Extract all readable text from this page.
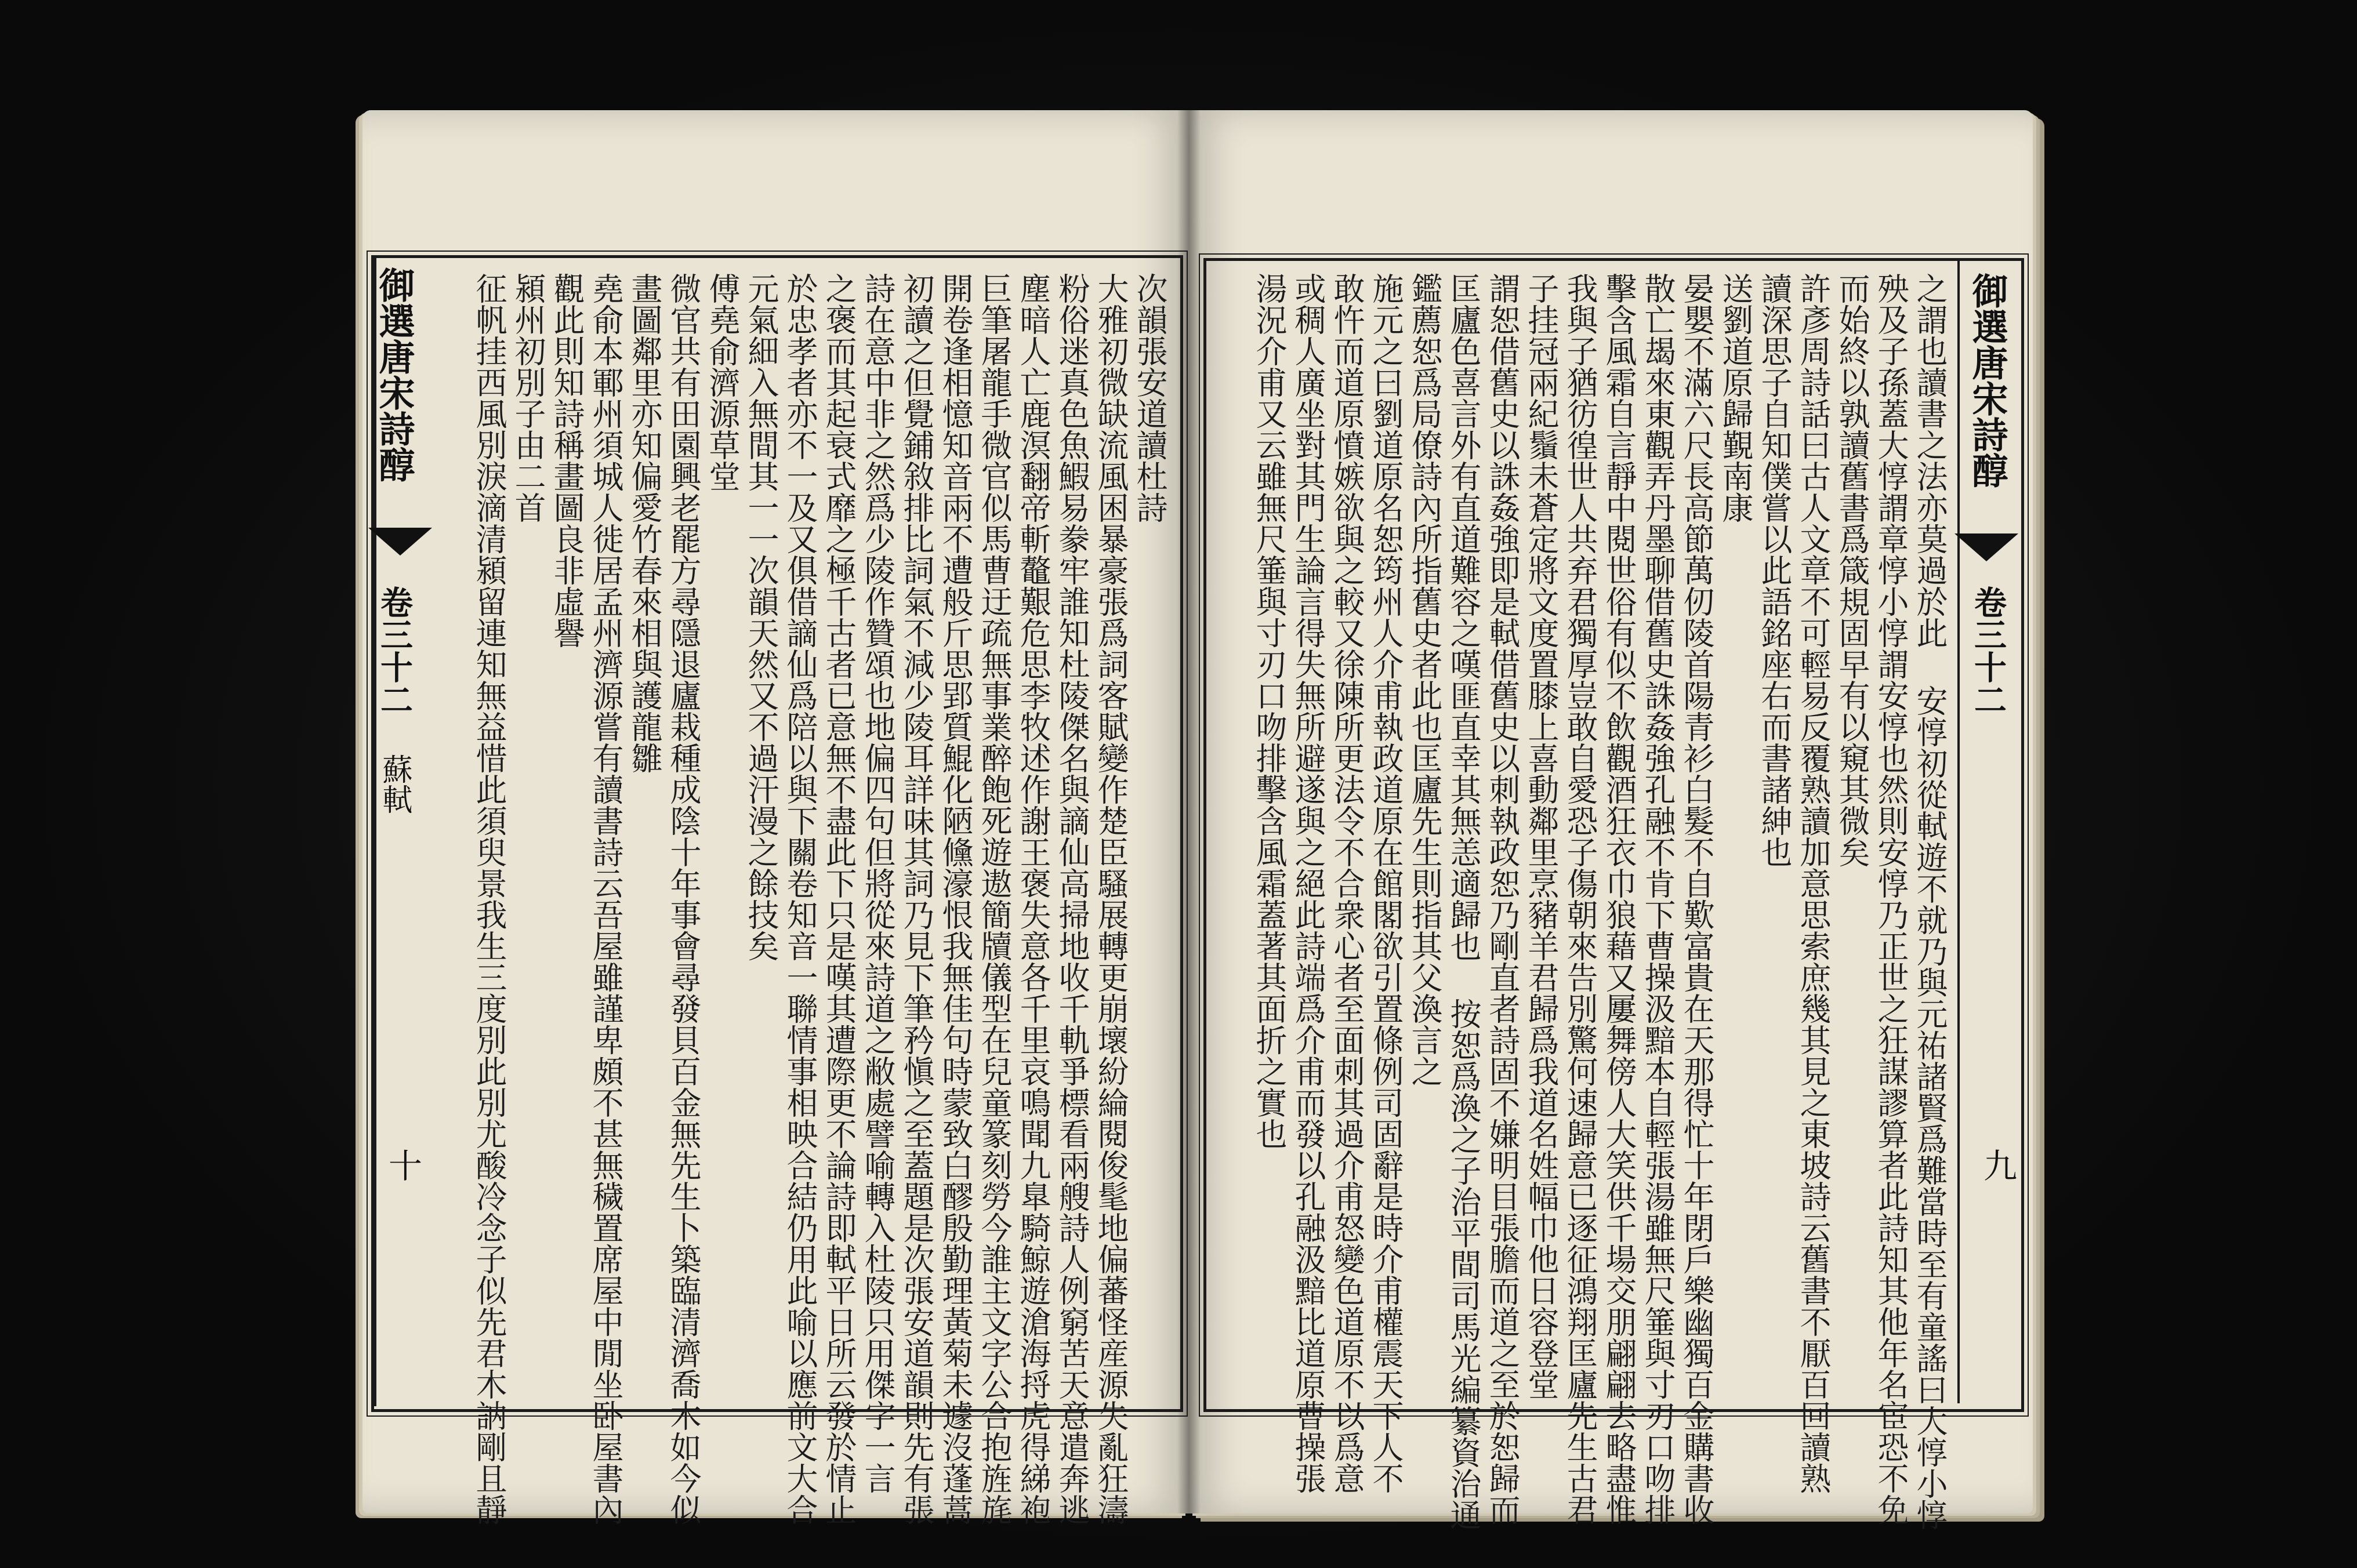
御選唐宋詩醇
卷三十二
蘇軾
十
次韻張安道讀杜詩
大雅初微缺流風困暴豪張爲詞客賦變作楚臣騷展轉更崩壞紛綸閱俊髦地偏蕃怪産源失亂狂濤
粉俗迷真色魚鰕易豢牢誰知杜陵傑名與謫仙高掃地收千軌爭標看兩艘詩人例窮苦天意遣奔逃
塵暗人亡鹿溟翻帝斬鼇艱危思李牧述作謝王褒失意各千里哀鳴聞九臯騎鯨遊滄海捋虎得綈袍
巨筆屠龍手微官似馬曹迂疏無事業醉飽死遊遨簡牘儀型在兒童篆刻勞今誰主文字公合抱旌旄
開卷逢相憶知音兩不遭般斤思郢質鯤化陋儵濠恨我無佳句時蒙致白醪殷勤理黃菊未遽沒蓬蒿
初讀之但覺鋪敘排比詞氣不減少陵耳詳味其詞乃見下筆矜愼之至蓋題是次張安道韻則先有張
詩在意中非之然爲少陵作贊頌也地偏四句但將從來詩道之敝處譬喻轉入杜陵只用傑字一言
之褒而其起衰式靡之極千古者已意無不盡此下只是嘆其遭際更不論詩即軾平日所云發於情止
於忠孝者亦不一及又俱借謫仙爲陪以與下關卷知音一聯情事相映合結仍用此喻以應前文大合
元氣細入無間其一一次韻天然又不過汗漫之餘技矣
傅堯俞濟源草堂
微官共有田園興老罷方尋隱退廬栽種成陰十年事會尋發貝百金無先生卜築臨清濟喬木如今似
畫圖鄰里亦知偏愛竹春來相與護龍雛
堯俞本鄆州須城人徙居孟州濟源嘗有讀書詩云吾屋雖謹卑頗不甚無穢置席屋中閒坐卧屋書內
觀此則知詩稱畫圖良非虛譽
潁州初別子由二首
征帆挂西風別淚滴清潁留連知無益惜此須臾景我生三度別此別尤酸冷念子似先君木訥剛且靜	御選唐宋詩醇
卷三十二
九
之謂也讀書之法亦莫過於此 安惇初從軾遊不就乃與元祐諸賢爲難當時至有童謠曰大惇小惇
殃及子孫蓋大惇謂章惇小惇謂安惇也然則安惇乃正世之狂謀謬算者此詩知其他年名宦恐不免
而始終以孰讀舊書爲箴規固早有以窺其微矣
許彥周詩話曰古人文章不可輕易反覆熟讀加意思索庶幾其見之東坡詩云舊書不厭百回讀熟
讀深思子自知僕嘗以此語銘座右而書諸紳也
送劉道原歸覲南康
晏嬰不滿六尺長高節萬仞陵首陽青衫白髮不自歎富貴在天那得忙十年閉戶樂幽獨百金購書收
散亡朅來東觀弄丹墨聊借舊史誅姦強孔融不肯下曹操汲黯本自輕張湯雖無尺箠與寸刃口吻排
擊含風霜自言靜中閱世俗有似不飲觀酒狂衣巾狼藉又屢舞傍人大笑供千場交朋翩翩去略盡惟
我與子猶彷徨世人共弃君獨厚豈敢自愛恐子傷朝來告別驚何速歸意已逐征鴻翔匡廬先生古君
子挂冠兩紀鬚未蒼定將文度置膝上喜動鄰里烹豬羊君歸爲我道名姓幅巾他日容登堂
謂恕借舊史以誅姦強即是軾借舊史以刺執政恕乃剛直者詩固不嫌明目張膽而道之至於恕歸而
匡廬色喜言外有直道難容之嘆匪直幸其無恙適歸也 按恕爲渙之子治平間司馬光編纂資治通
鑑薦恕爲局僚詩內所指舊史者此也匡廬先生則指其父渙言之
施元之曰劉道原名恕筠州人介甫執政道原在館閣欲引置條例司固辭是時介甫權震天下人不
敢忤而道原憤嫉欲與之較又徐陳所更法令不合衆心者至面刺其過介甫怒變色道原不以爲意
或稠人廣坐對其門生論言得失無所避遂與之絕此詩端爲介甫而發以孔融汲黯比道原曹操張
湯況介甫又云雖無尺箠與寸刃口吻排擊含風霜蓋著其面折之實也
